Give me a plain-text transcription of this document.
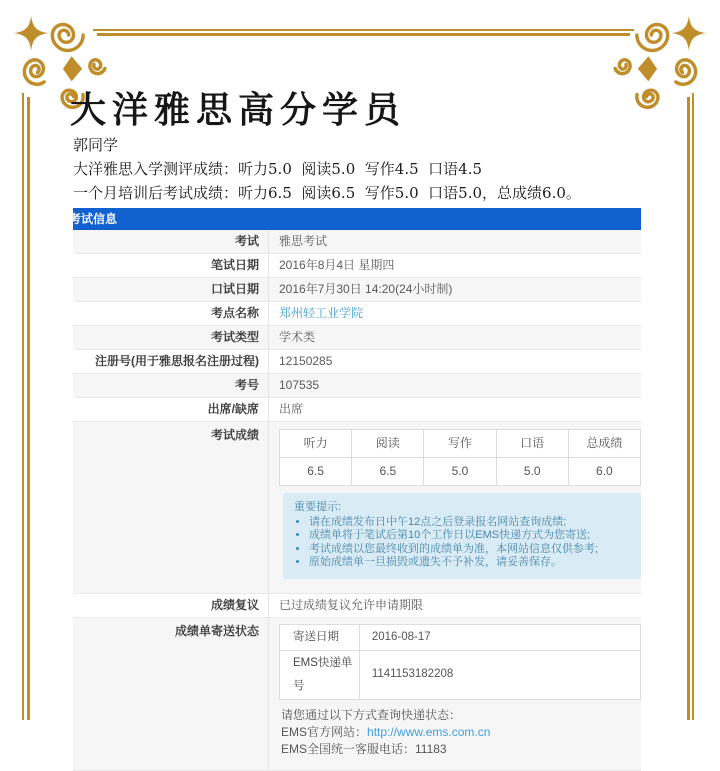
大洋雅思高分学员
郭同学
大洋雅思入学测评成绩：听力5.0  阅读5.0  写作4.5  口语4.5
一个月培训后考试成绩：听力6.5  阅读6.5  写作5.0  口语5.0，总成绩6.0。
考试信息
考试	雅思考试
笔试日期	2016年8月4日 星期四
口试日期	2016年7月30日 14:20(24小时制)
考点名称	郑州轻工业学院
考试类型	学术类
注册号(用于雅思报名注册过程)	12150285
考号	107535
出席/缺席	出席
考试成绩
听力	阅读	写作	口语	总成绩
6.5	6.5	5.0	5.0	6.0
重要提示:
• 请在成绩发布日中午12点之后登录报名网站查询成绩;
• 成绩单将于笔试后第10个工作日以EMS快递方式为您寄送;
• 考试成绩以您最终收到的成绩单为准，本网站信息仅供参考;
• 原始成绩单一旦损毁或遗失不予补发，请妥善保存。
成绩复议	已过成绩复议允许申请期限
成绩单寄送状态	寄送日期	2016-08-17
EMS快递单号	1141153182208
请您通过以下方式查询快递状态：
EMS官方网站：http://www.ems.com.cn
EMS全国统一客服电话：11183
